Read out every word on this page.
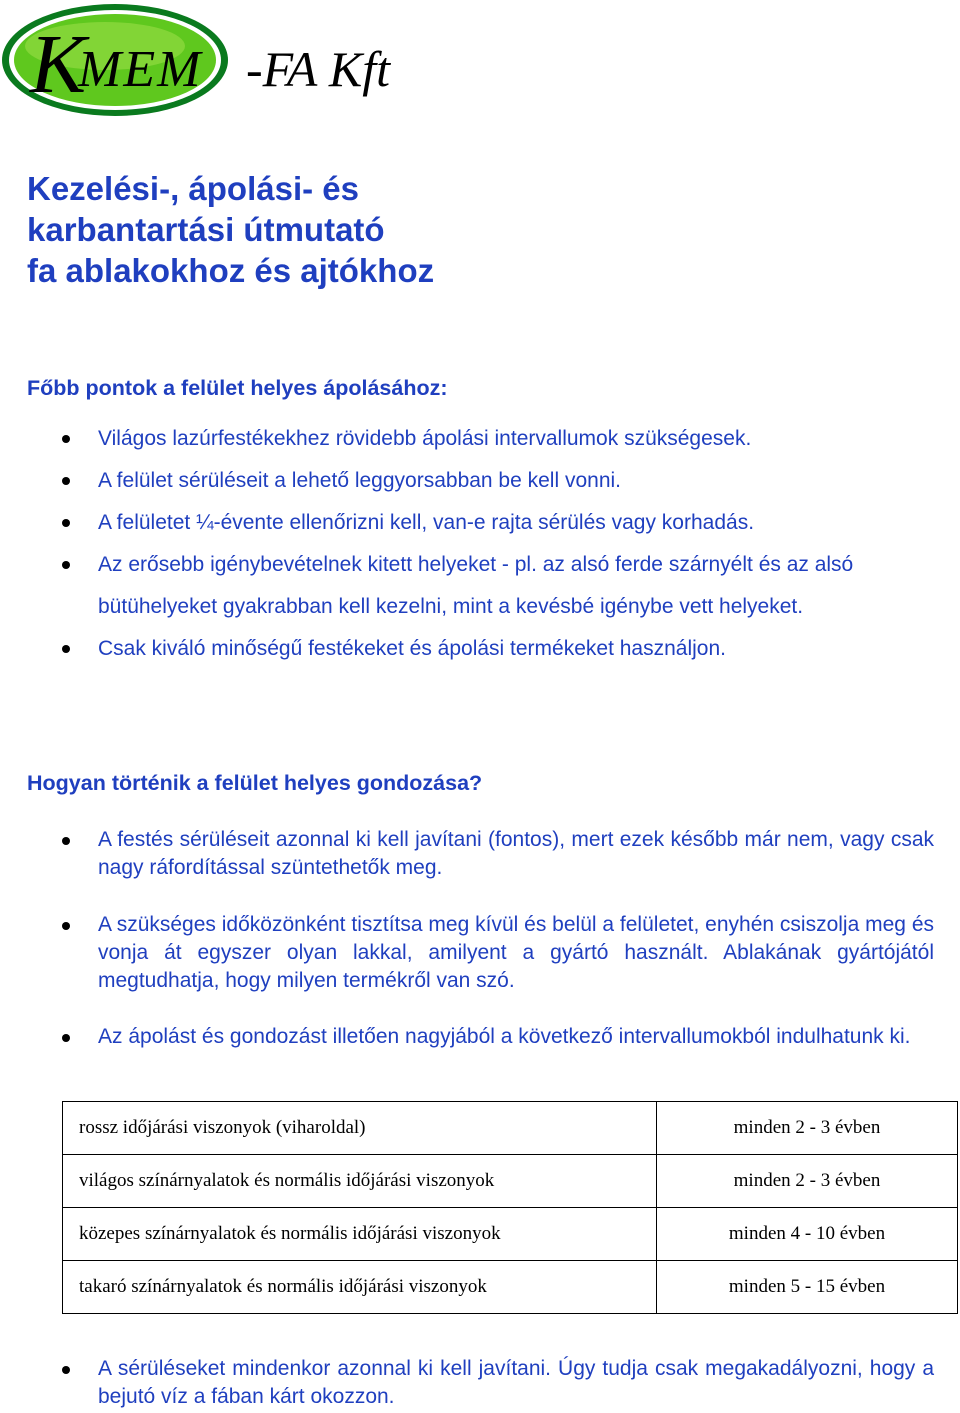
K
MEM -FA Kft
Kezelési-, ápolási- és
karbantartási útmutató
fa ablakokhoz és ajtókhoz
Főbb pontok a felület helyes ápolásához:
Világos lazúrfestékekhez rövidebb ápolási intervallumok szükségesek.
A felület sérüléseit a lehető leggyorsabban be kell vonni.
A felületet ¼-évente ellenőrizni kell, van-e rajta sérülés vagy korhadás.
Az erősebb igénybevételnek kitett helyeket - pl. az alsó ferde szárnyélt és az alsó bütühelyeket gyakrabban kell kezelni, mint a kevésbé igénybe vett helyeket.
Csak kiváló minőségű festékeket és ápolási termékeket használjon.
Hogyan történik a felület helyes gondozása?
A festés sérüléseit azonnal ki kell javítani (fontos), mert ezek később már nem, vagy csak nagy ráfordítással szüntethetők meg.
A szükséges időközönként tisztítsa meg kívül és belül a felületet, enyhén csiszolja meg és vonja át egyszer olyan lakkal, amilyent a gyártó használt. Ablakának gyártójától megtudhatja, hogy milyen termékről van szó.
Az ápolást és gondozást illetően nagyjából a következő intervallumokból indulhatunk ki.
rossz időjárási viszonyok (viharoldal)	minden 2 - 3 évben
világos színárnyalatok és normális időjárási viszonyok	minden 2 - 3 évben
közepes színárnyalatok és normális időjárási viszonyok	minden 4 - 10 évben
takaró színárnyalatok és normális időjárási viszonyok	minden 5 - 15 évben
A sérüléseket mindenkor azonnal ki kell javítani. Úgy tudja csak megakadályozni, hogy a bejutó víz a fában kárt okozzon.
